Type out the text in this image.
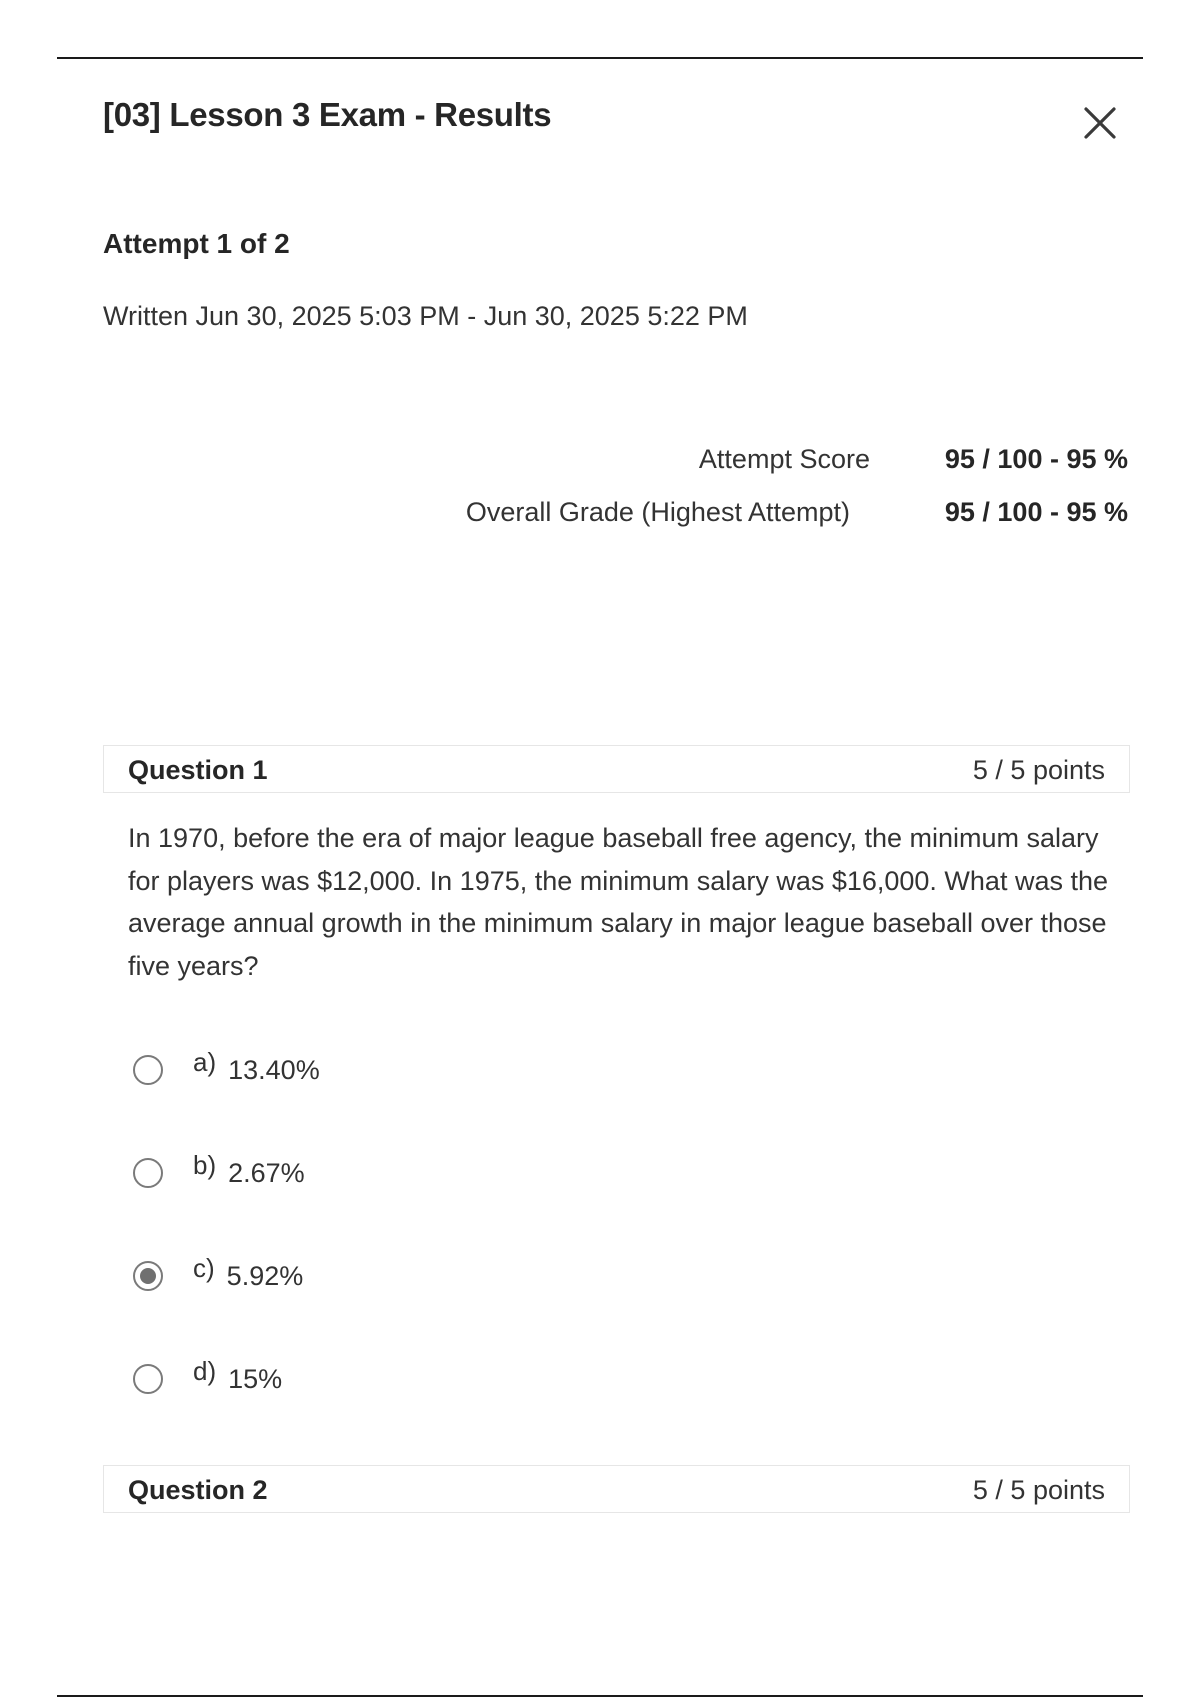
[03] Lesson 3 Exam - Results
Attempt 1 of 2
Written Jun 30, 2025 5:03 PM - Jun 30, 2025 5:22 PM
Attempt Score	95 / 100 - 95 %
Overall Grade (Highest Attempt)	95 / 100 - 95 %
Question 1	5 / 5 points
In 1970, before the era of major league baseball free agency, the minimum salary for players was $12,000. In 1975, the minimum salary was $16,000. What was the average annual growth in the minimum salary in major league baseball over those five years?
a) 13.40%
b) 2.67%
c) 5.92%
d) 15%
Question 2	5 / 5 points
